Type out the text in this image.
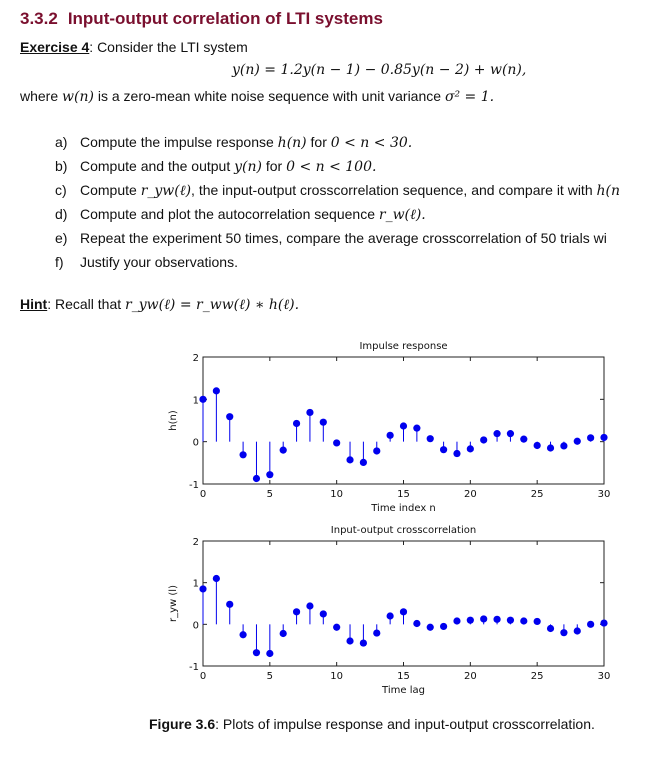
3.3.2 Input-output correlation of LTI systems
Exercise 4: Consider the LTI system
y(n) = 1.2y(n − 1) − 0.85y(n − 2) + w(n),
where w(n) is a zero-mean white noise sequence with unit variance σ² = 1.
a) Compute the impulse response h(n) for 0 < n < 30.
b) Compute and the output y(n) for 0 < n < 100.
c) Compute r_yw(ℓ), the input-output crosscorrelation sequence, and compare it with h(n
d) Compute and plot the autocorrelation sequence r_w(ℓ).
e) Repeat the experiment 50 times, compare the average crosscorrelation of 50 trials wi
f) Justify your observations.
Hint: Recall that r_yw(ℓ) = r_ww(ℓ) ∗ h(ℓ).
0	5	10	15	20	25	30
-1
0
1
2
Impulse response
Time index n
h(n)
0	5	10	15	20	25	30
-1
0
1
2
Input-output crosscorrelation
Time lag
r_yw (l)
Figure 3.6: Plots of impulse response and input-output crosscorrelation.
